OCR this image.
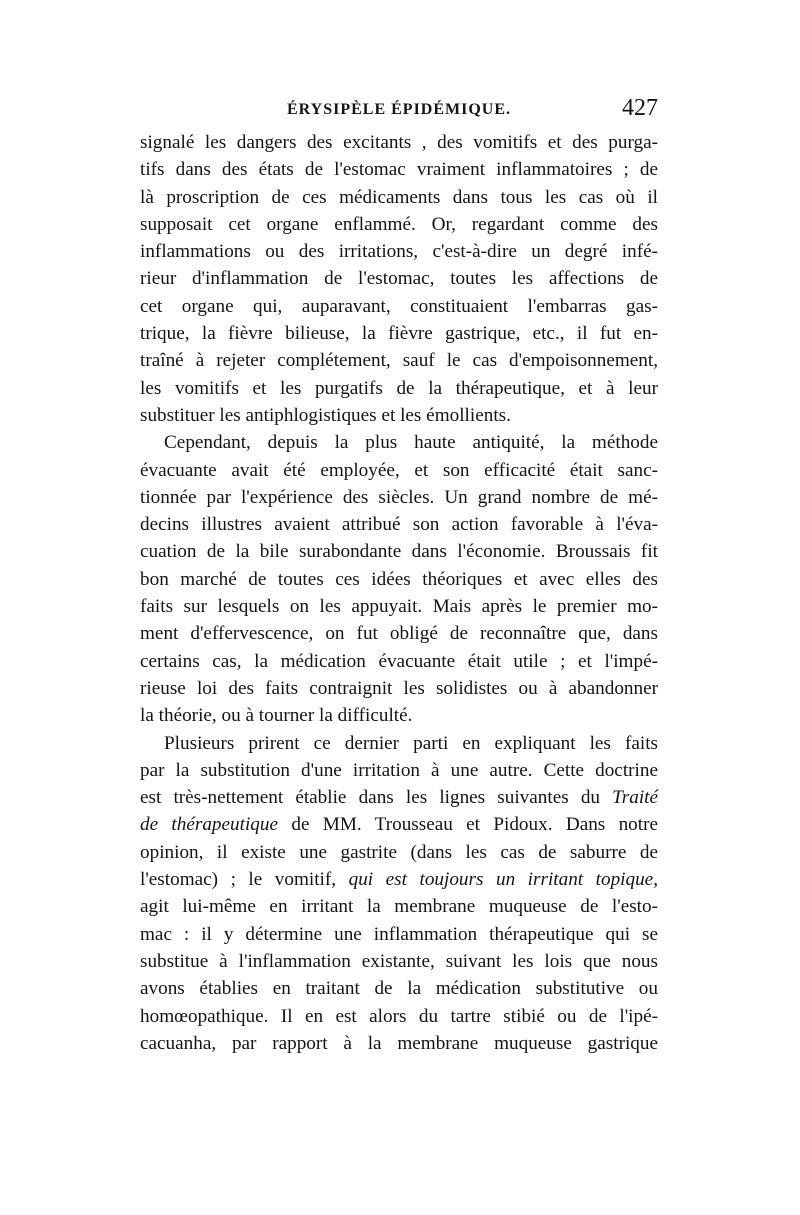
ÉRYSIPÈLE ÉPIDÉMIQUE.	427
signalé les dangers des excitants , des vomitifs et des purga-
tifs dans des états de l'estomac vraiment inflammatoires ; de
là proscription de ces médicaments dans tous les cas où il
supposait cet organe enflammé. Or, regardant comme des
inflammations ou des irritations, c'est-à-dire un degré infé-
rieur d'inflammation de l'estomac, toutes les affections de
cet organe qui, auparavant, constituaient l'embarras gas-
trique, la fièvre bilieuse, la fièvre gastrique, etc., il fut en-
traîné à rejeter complétement, sauf le cas d'empoisonnement,
les vomitifs et les purgatifs de la thérapeutique, et à leur
substituer les antiphlogistiques et les émollients.
Cependant, depuis la plus haute antiquité, la méthode
évacuante avait été employée, et son efficacité était sanc-
tionnée par l'expérience des siècles. Un grand nombre de mé-
decins illustres avaient attribué son action favorable à l'éva-
cuation de la bile surabondante dans l'économie. Broussais fit
bon marché de toutes ces idées théoriques et avec elles des
faits sur lesquels on les appuyait. Mais après le premier mo-
ment d'effervescence, on fut obligé de reconnaître que, dans
certains cas, la médication évacuante était utile ; et l'impé-
rieuse loi des faits contraignit les solidistes ou à abandonner
la théorie, ou à tourner la difficulté.
Plusieurs prirent ce dernier parti en expliquant les faits
par la substitution d'une irritation à une autre. Cette doctrine
est très-nettement établie dans les lignes suivantes du Traité
de thérapeutique de MM. Trousseau et Pidoux. Dans notre
opinion, il existe une gastrite (dans les cas de saburre de
l'estomac) ; le vomitif, qui est toujours un irritant topique,
agit lui-même en irritant la membrane muqueuse de l'esto-
mac : il y détermine une inflammation thérapeutique qui se
substitue à l'inflammation existante, suivant les lois que nous
avons établies en traitant de la médication substitutive ou
homœopathique. Il en est alors du tartre stibié ou de l'ipé-
cacuanha, par rapport à la membrane muqueuse gastrique
